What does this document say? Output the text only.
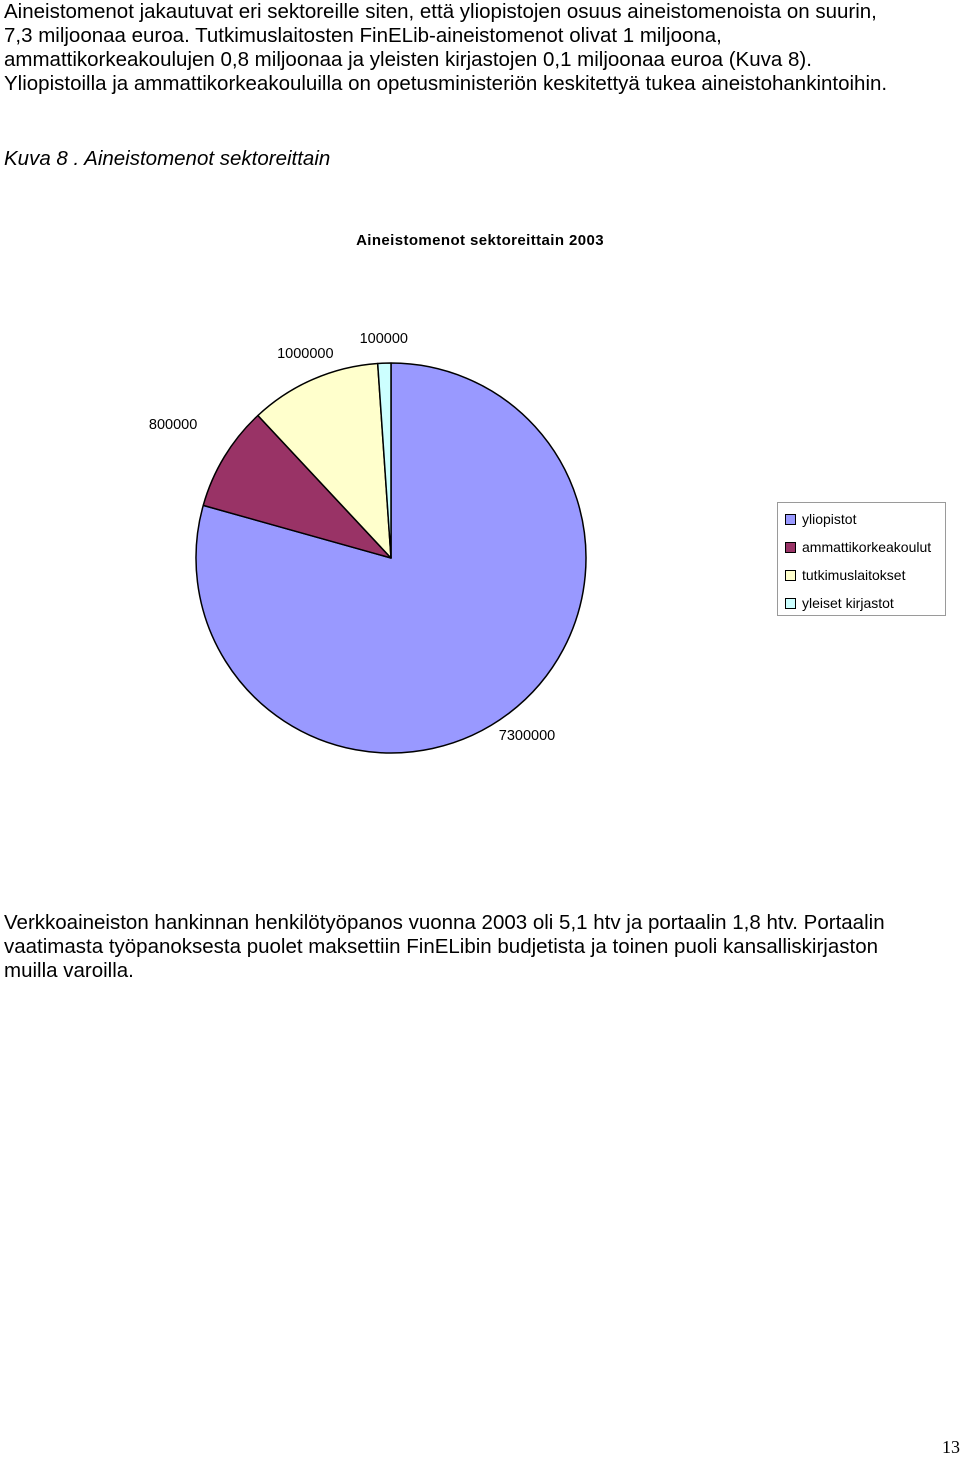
Aineistomenot jakautuvat eri sektoreille siten, että yliopistojen osuus aineistomenoista on suurin,
7,3 miljoonaa euroa. Tutkimuslaitosten FinELib-aineistomenot olivat 1 miljoona,
ammattikorkeakoulujen 0,8 miljoonaa ja yleisten kirjastojen 0,1 miljoonaa euroa (Kuva 8).
Yliopistoilla ja ammattikorkeakouluilla on opetusministeriön keskitettyä tukea aineistohankintoihin.

Kuva 8 . Aineistomenot sektoreittain

Aineistomenot sektoreittain 2003

7300000
800000
1000000
100000
yliopistot
ammattikorkeakoulut
tutkimuslaitokset
yleiset kirjastot
Verkkoaineiston hankinnan henkilötyöpanos vuonna 2003 oli 5,1 htv ja portaalin 1,8 htv. Portaalin
vaatimasta työpanoksesta puolet maksettiin FinELibin budjetista ja toinen puoli kansalliskirjaston
muilla varoilla.
13
